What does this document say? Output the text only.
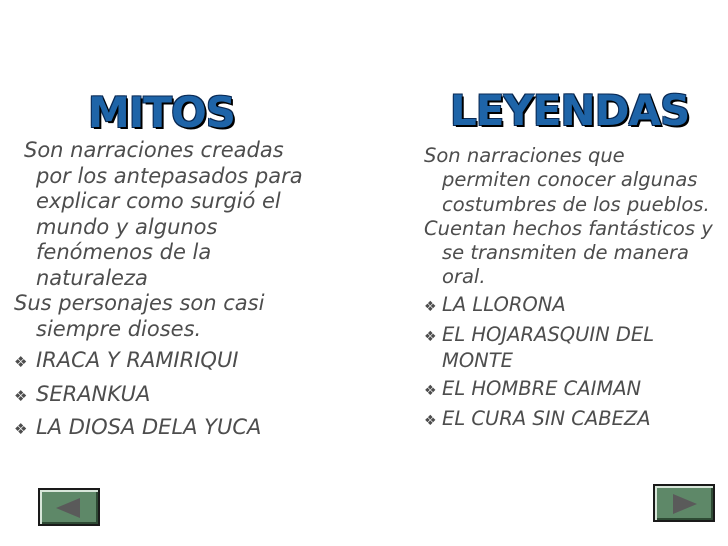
MITOS	LEYENDAS

Son narraciones creadas por los antepasados para explicar como surgió el mundo y algunos fenómenos de la naturaleza

Sus personajes son casi siempre dioses.

❖ IRACA Y RAMIRIQUI

❖ SERANKUA

❖ LA DIOSA DELA YUCA

Son narraciones que permiten conocer algunas costumbres de los pueblos.

Cuentan hechos fantásticos y se transmiten de manera oral.

❖ LA LLORONA

❖ EL HOJARASQUIN DEL MONTE

❖ EL HOMBRE CAIMAN

❖ EL CURA SIN CABEZA
